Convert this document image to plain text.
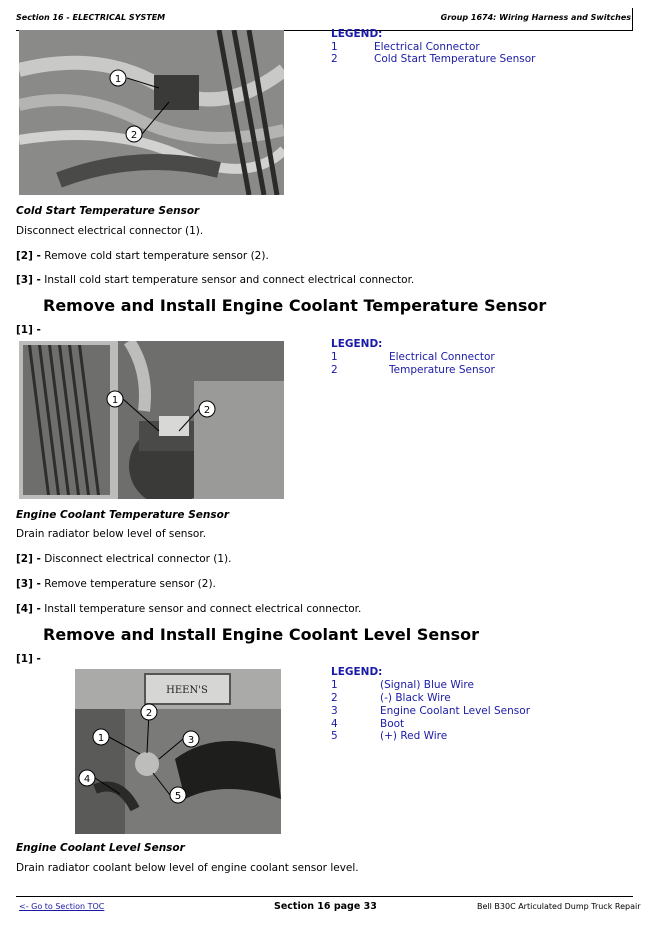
Section 16 - ELECTRICAL SYSTEM	Group 1674: Wiring Harness and Switches
1
2
LEGEND:
1	Electrical Connector
2	Cold Start Temperature Sensor
Cold Start Temperature Sensor
Disconnect electrical connector (1).
[2] - Remove cold start temperature sensor (2).
[3] - Install cold start temperature sensor and connect electrical connector.
Remove and Install Engine Coolant Temperature Sensor
[1] -
1
2
LEGEND:
1	Electrical Connector
2	Temperature Sensor
Engine Coolant Temperature Sensor
Drain radiator below level of sensor.
[2] - Disconnect electrical connector (1).
[3] - Remove temperature sensor (2).
[4] - Install temperature sensor and connect electrical connector.
Remove and Install Engine Coolant Level Sensor
[1] -
HEEN'S
1
2
3
4
5
LEGEND:
1	(Signal) Blue Wire
2	(-) Black Wire
3	Engine Coolant Level Sensor
4	Boot
5	(+) Red Wire
Engine Coolant Level Sensor
Drain radiator coolant below level of engine coolant sensor level.
<- Go to Section TOC	Section 16 page 33	Bell B30C Articulated Dump Truck Repair
